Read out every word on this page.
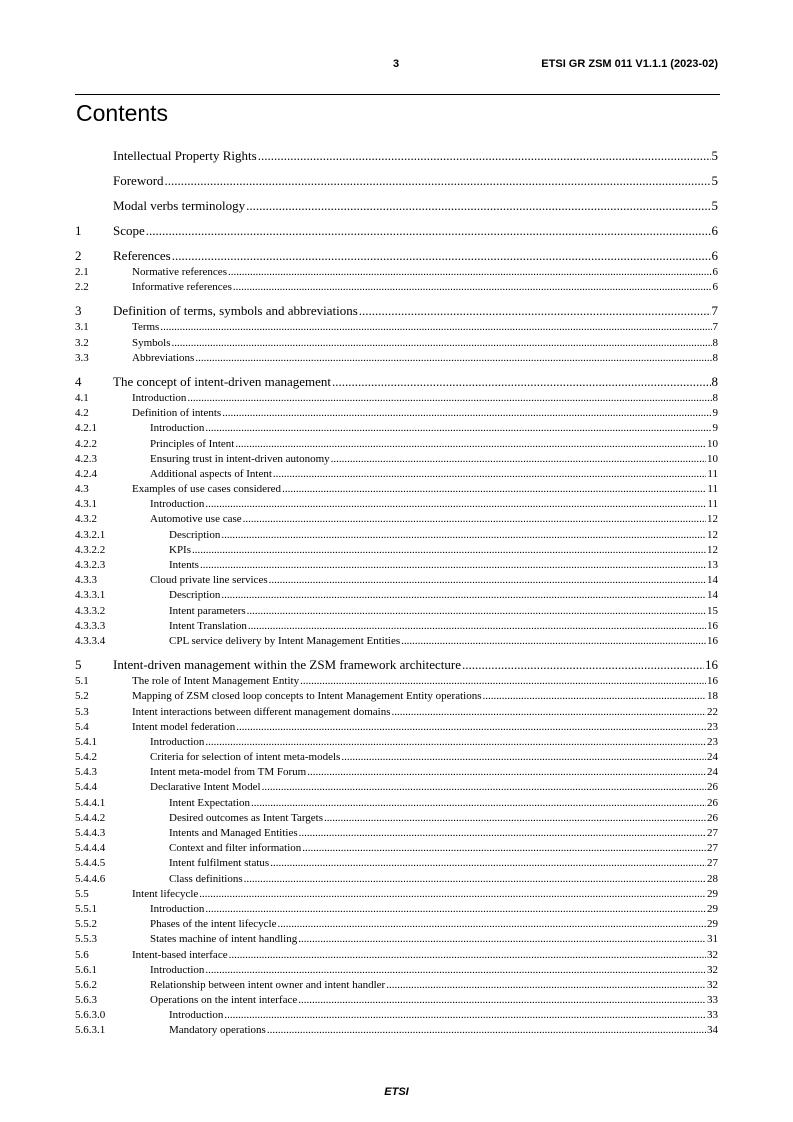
3	ETSI GR ZSM 011 V1.1.1 (2023-02)
Contents
Intellectual Property Rights .....	5
Foreword .....	5
Modal verbs terminology .....	5
1	Scope .....	6
2	References .....	6
2.1	Normative references .....	6
2.2	Informative references .....	6
3	Definition of terms, symbols and abbreviations .....	7
3.1	Terms .....	7
3.2	Symbols .....	8
3.3	Abbreviations .....	8
4	The concept of intent-driven management .....	8
4.1	Introduction .....	8
4.2	Definition of intents .....	9
4.2.1	Introduction .....	9
4.2.2	Principles of Intent .....	10
4.2.3	Ensuring trust in intent-driven autonomy .....	10
4.2.4	Additional aspects of Intent .....	11
4.3	Examples of use cases considered .....	11
4.3.1	Introduction .....	11
4.3.2	Automotive use case .....	12
4.3.2.1	Description .....	12
4.3.2.2	KPIs .....	12
4.3.2.3	Intents .....	13
4.3.3	Cloud private line services .....	14
4.3.3.1	Description .....	14
4.3.3.2	Intent parameters .....	15
4.3.3.3	Intent Translation .....	16
4.3.3.4	CPL service delivery by Intent Management Entities .....	16
5	Intent-driven management within the ZSM framework architecture .....	16
5.1	The role of Intent Management Entity .....	16
5.2	Mapping of ZSM closed loop concepts to Intent Management Entity operations .....	18
5.3	Intent interactions between different management domains .....	22
5.4	Intent model federation .....	23
5.4.1	Introduction .....	23
5.4.2	Criteria for selection of intent meta-models .....	24
5.4.3	Intent meta-model from TM Forum .....	24
5.4.4	Declarative Intent Model .....	26
5.4.4.1	Intent Expectation .....	26
5.4.4.2	Desired outcomes as Intent Targets .....	26
5.4.4.3	Intents and Managed Entities .....	27
5.4.4.4	Context and filter information .....	27
5.4.4.5	Intent fulfilment status .....	27
5.4.4.6	Class definitions .....	28
5.5	Intent lifecycle .....	29
5.5.1	Introduction .....	29
5.5.2	Phases of the intent lifecycle .....	29
5.5.3	States machine of intent handling .....	31
5.6	Intent-based interface .....	32
5.6.1	Introduction .....	32
5.6.2	Relationship between intent owner and intent handler .....	32
5.6.3	Operations on the intent interface .....	33
5.6.3.0	Introduction .....	33
5.6.3.1	Mandatory operations .....	34
ETSI
